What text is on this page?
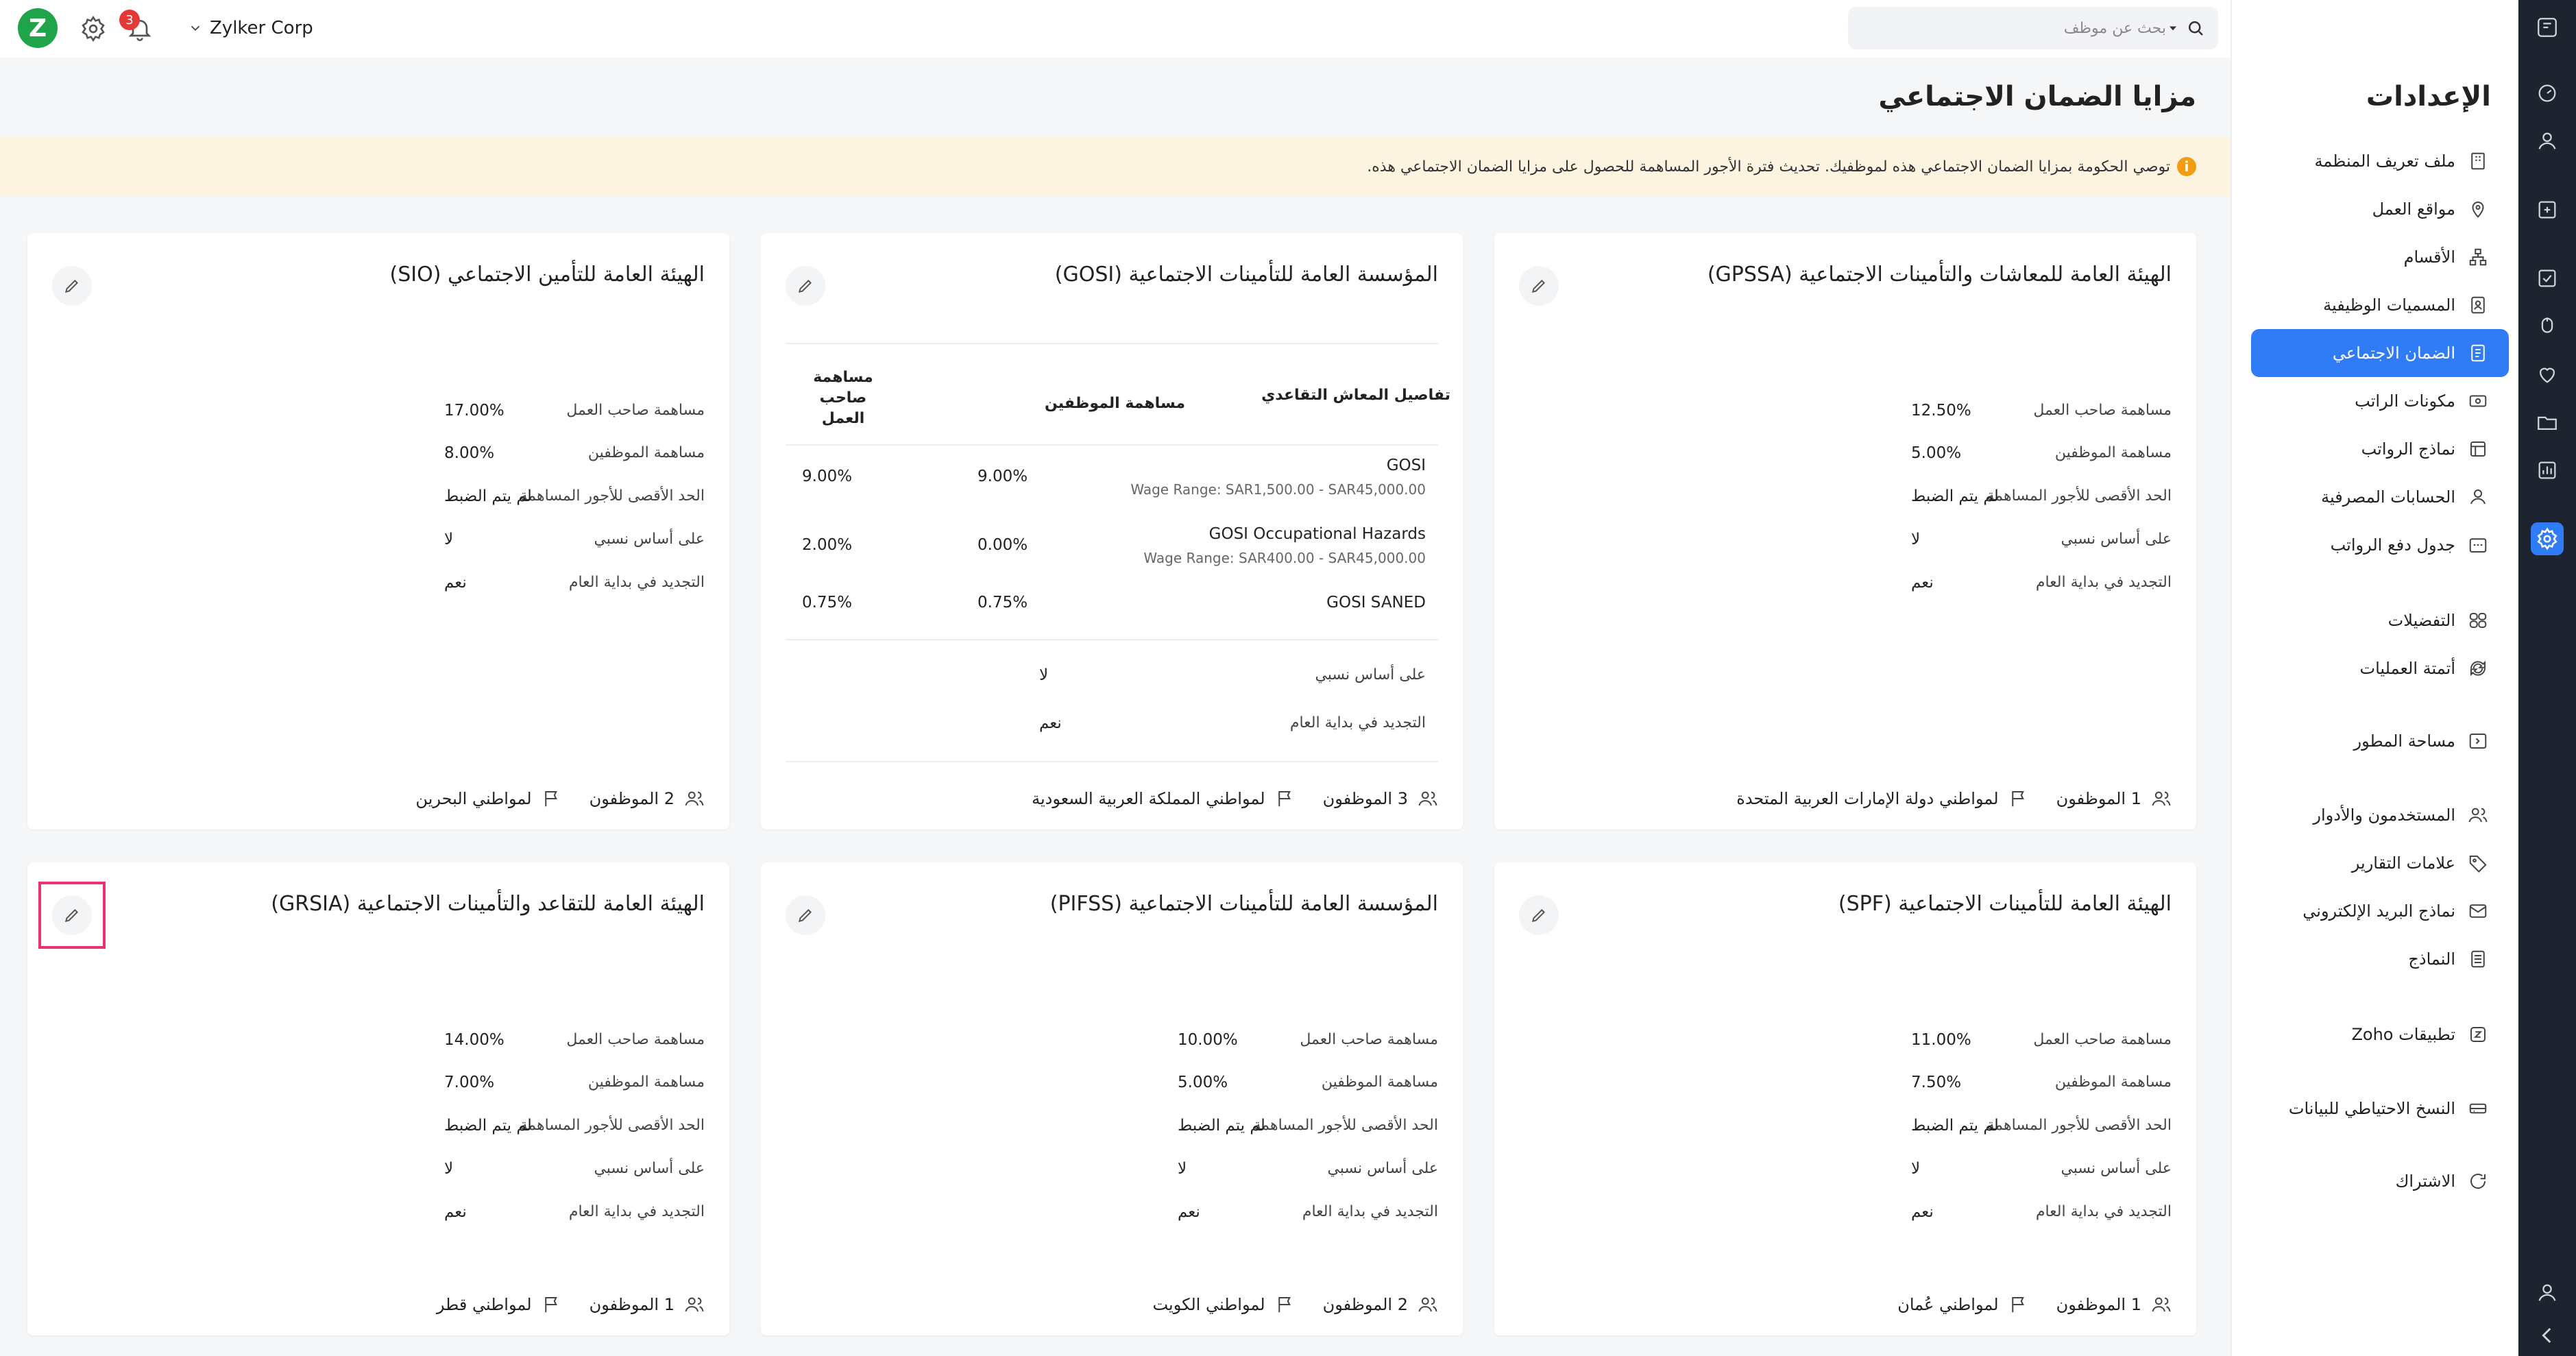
الإعدادات
ملف تعريف المنظمة
مواقع العمل
الأقسام
المسميات الوظيفية
الضمان الاجتماعي
مكونات الراتب
نماذج الرواتب
الحسابات المصرفية
جدول دفع الرواتب
التفضيلات
أتمتة العمليات
مساحة المطور
المستخدمون والأدوار
علامات التقارير
نماذج البريد الإلكتروني
النماذج
تطبيقات Zoho
النسخ الاحتياطي للبيانات
الاشتراك
Z	3	Zylker Corp
بحث عن موظف
مزايا الضمان الاجتماعي
i
توصي الحكومة بمزايا الضمان الاجتماعي هذه لموظفيك. تحديث فترة الأجور المساهمة للحصول على مزايا الضمان الاجتماعي هذه.
الهيئة العامة للمعاشات والتأمينات الاجتماعية (GPSSA)
مساهمة صاحب العمل
12.50%
مساهمة الموظفين
5.00%
الحد الأقصى للأجور المساهمة
لم يتم الضبط
على أساس نسبي
لا
التجديد في بداية العام
نعم
1 الموظفون
لمواطني دولة الإمارات العربية المتحدة
المؤسسة العامة للتأمينات الاجتماعية (GOSI)
تفاصيل المعاش التقاعدي
مساهمة الموظفين
مساهمة صاحب العمل
GOSI
Wage Range: SAR1,500.00 - SAR45,000.00
9.00%
9.00%
GOSI Occupational Hazards
Wage Range: SAR400.00 - SAR45,000.00
0.00%
2.00%
GOSI SANED
0.75%
0.75%
على أساس نسبي
لا
التجديد في بداية العام
نعم
3 الموظفون
لمواطني المملكة العربية السعودية
الهيئة العامة للتأمين الاجتماعي (SIO)
مساهمة صاحب العمل
17.00%
مساهمة الموظفين
8.00%
الحد الأقصى للأجور المساهمة
لم يتم الضبط
على أساس نسبي
لا
التجديد في بداية العام
نعم
2 الموظفون
لمواطني البحرين
الهيئة العامة للتأمينات الاجتماعية (SPF)
مساهمة صاحب العمل
11.00%
مساهمة الموظفين
7.50%
الحد الأقصى للأجور المساهمة
لم يتم الضبط
على أساس نسبي
لا
التجديد في بداية العام
نعم
1 الموظفون
لمواطني عُمان
المؤسسة العامة للتأمينات الاجتماعية (PIFSS)
مساهمة صاحب العمل
10.00%
مساهمة الموظفين
5.00%
الحد الأقصى للأجور المساهمة
لم يتم الضبط
على أساس نسبي
لا
التجديد في بداية العام
نعم
2 الموظفون
لمواطني الكويت
الهيئة العامة للتقاعد والتأمينات الاجتماعية (GRSIA)
مساهمة صاحب العمل
14.00%
مساهمة الموظفين
7.00%
الحد الأقصى للأجور المساهمة
لم يتم الضبط
على أساس نسبي
لا
التجديد في بداية العام
نعم
1 الموظفون
لمواطني قطر
